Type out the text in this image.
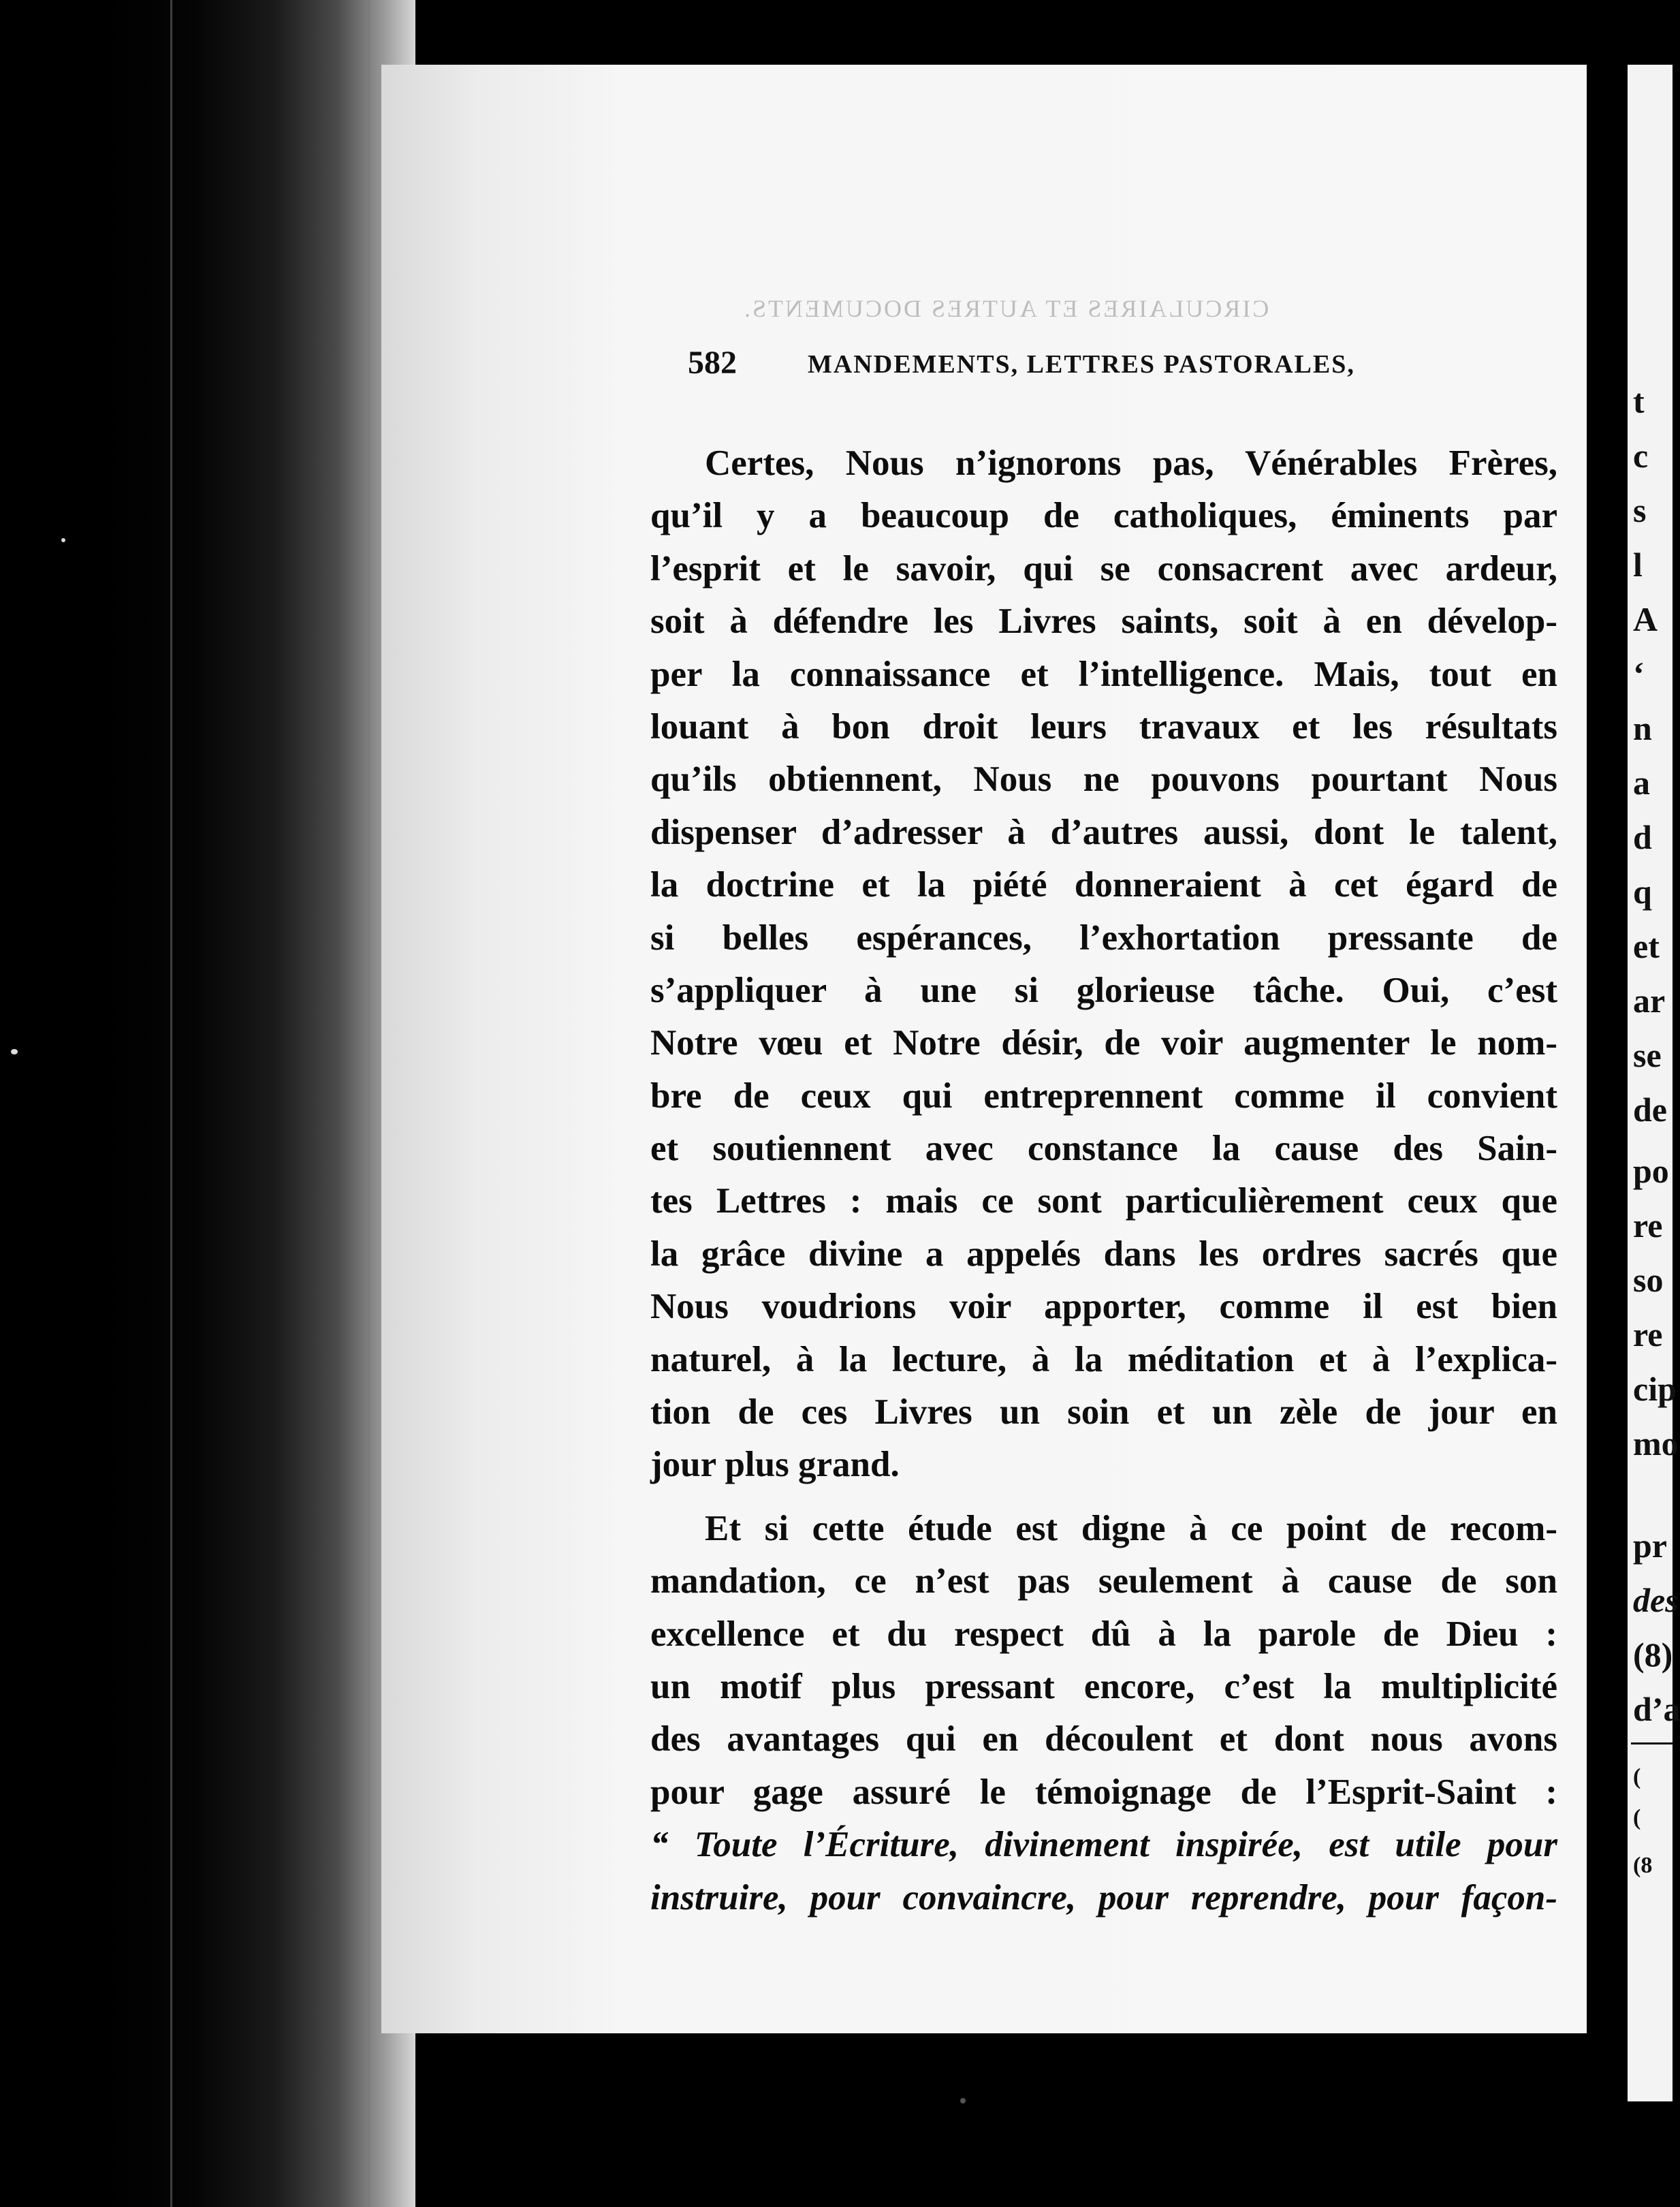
CIRCULAIRES ET AUTRES DOCUMENTS.
582	MANDEMENTS, LETTRES PASTORALES,
Certes, Nous n’ignorons pas, Vénérables Frères,
qu’il y a beaucoup de catholiques, éminents par
l’esprit et le savoir, qui se consacrent avec ardeur,
soit à défendre les Livres saints, soit à en dévelop-
per la connaissance et l’intelligence. Mais, tout en
louant à bon droit leurs travaux et les résultats
qu’ils obtiennent, Nous ne pouvons pourtant Nous
dispenser d’adresser à d’autres aussi, dont le talent,
la doctrine et la piété donneraient à cet égard de
si belles espérances, l’exhortation pressante de
s’appliquer à une si glorieuse tâche. Oui, c’est
Notre vœu et Notre désir, de voir augmenter le nom-
bre de ceux qui entreprennent comme il convient
et soutiennent avec constance la cause des Sain-
tes Lettres : mais ce sont particulièrement ceux que
la grâce divine a appelés dans les ordres sacrés que
Nous voudrions voir apporter, comme il est bien
naturel, à la lecture, à la méditation et à l’explica-
tion de ces Livres un soin et un zèle de jour en
jour plus grand.
Et si cette étude est digne à ce point de recom-
mandation, ce n’est pas seulement à cause de son
excellence et du respect dû à la parole de Dieu :
un motif plus pressant encore, c’est la multiplicité
des avantages qui en découlent et dont nous avons
pour gage assuré le témoignage de l’Esprit-Saint :
“ Toute l’Écriture, divinement inspirée, est utile pour
instruire, pour convaincre, pour reprendre, pour façon-
t
c
s
l
A
‘
n
a
d
q
et
ar
se
de
po
re
so
re
cip
mo
pr
des
(8)
d’a
(
(
(8
